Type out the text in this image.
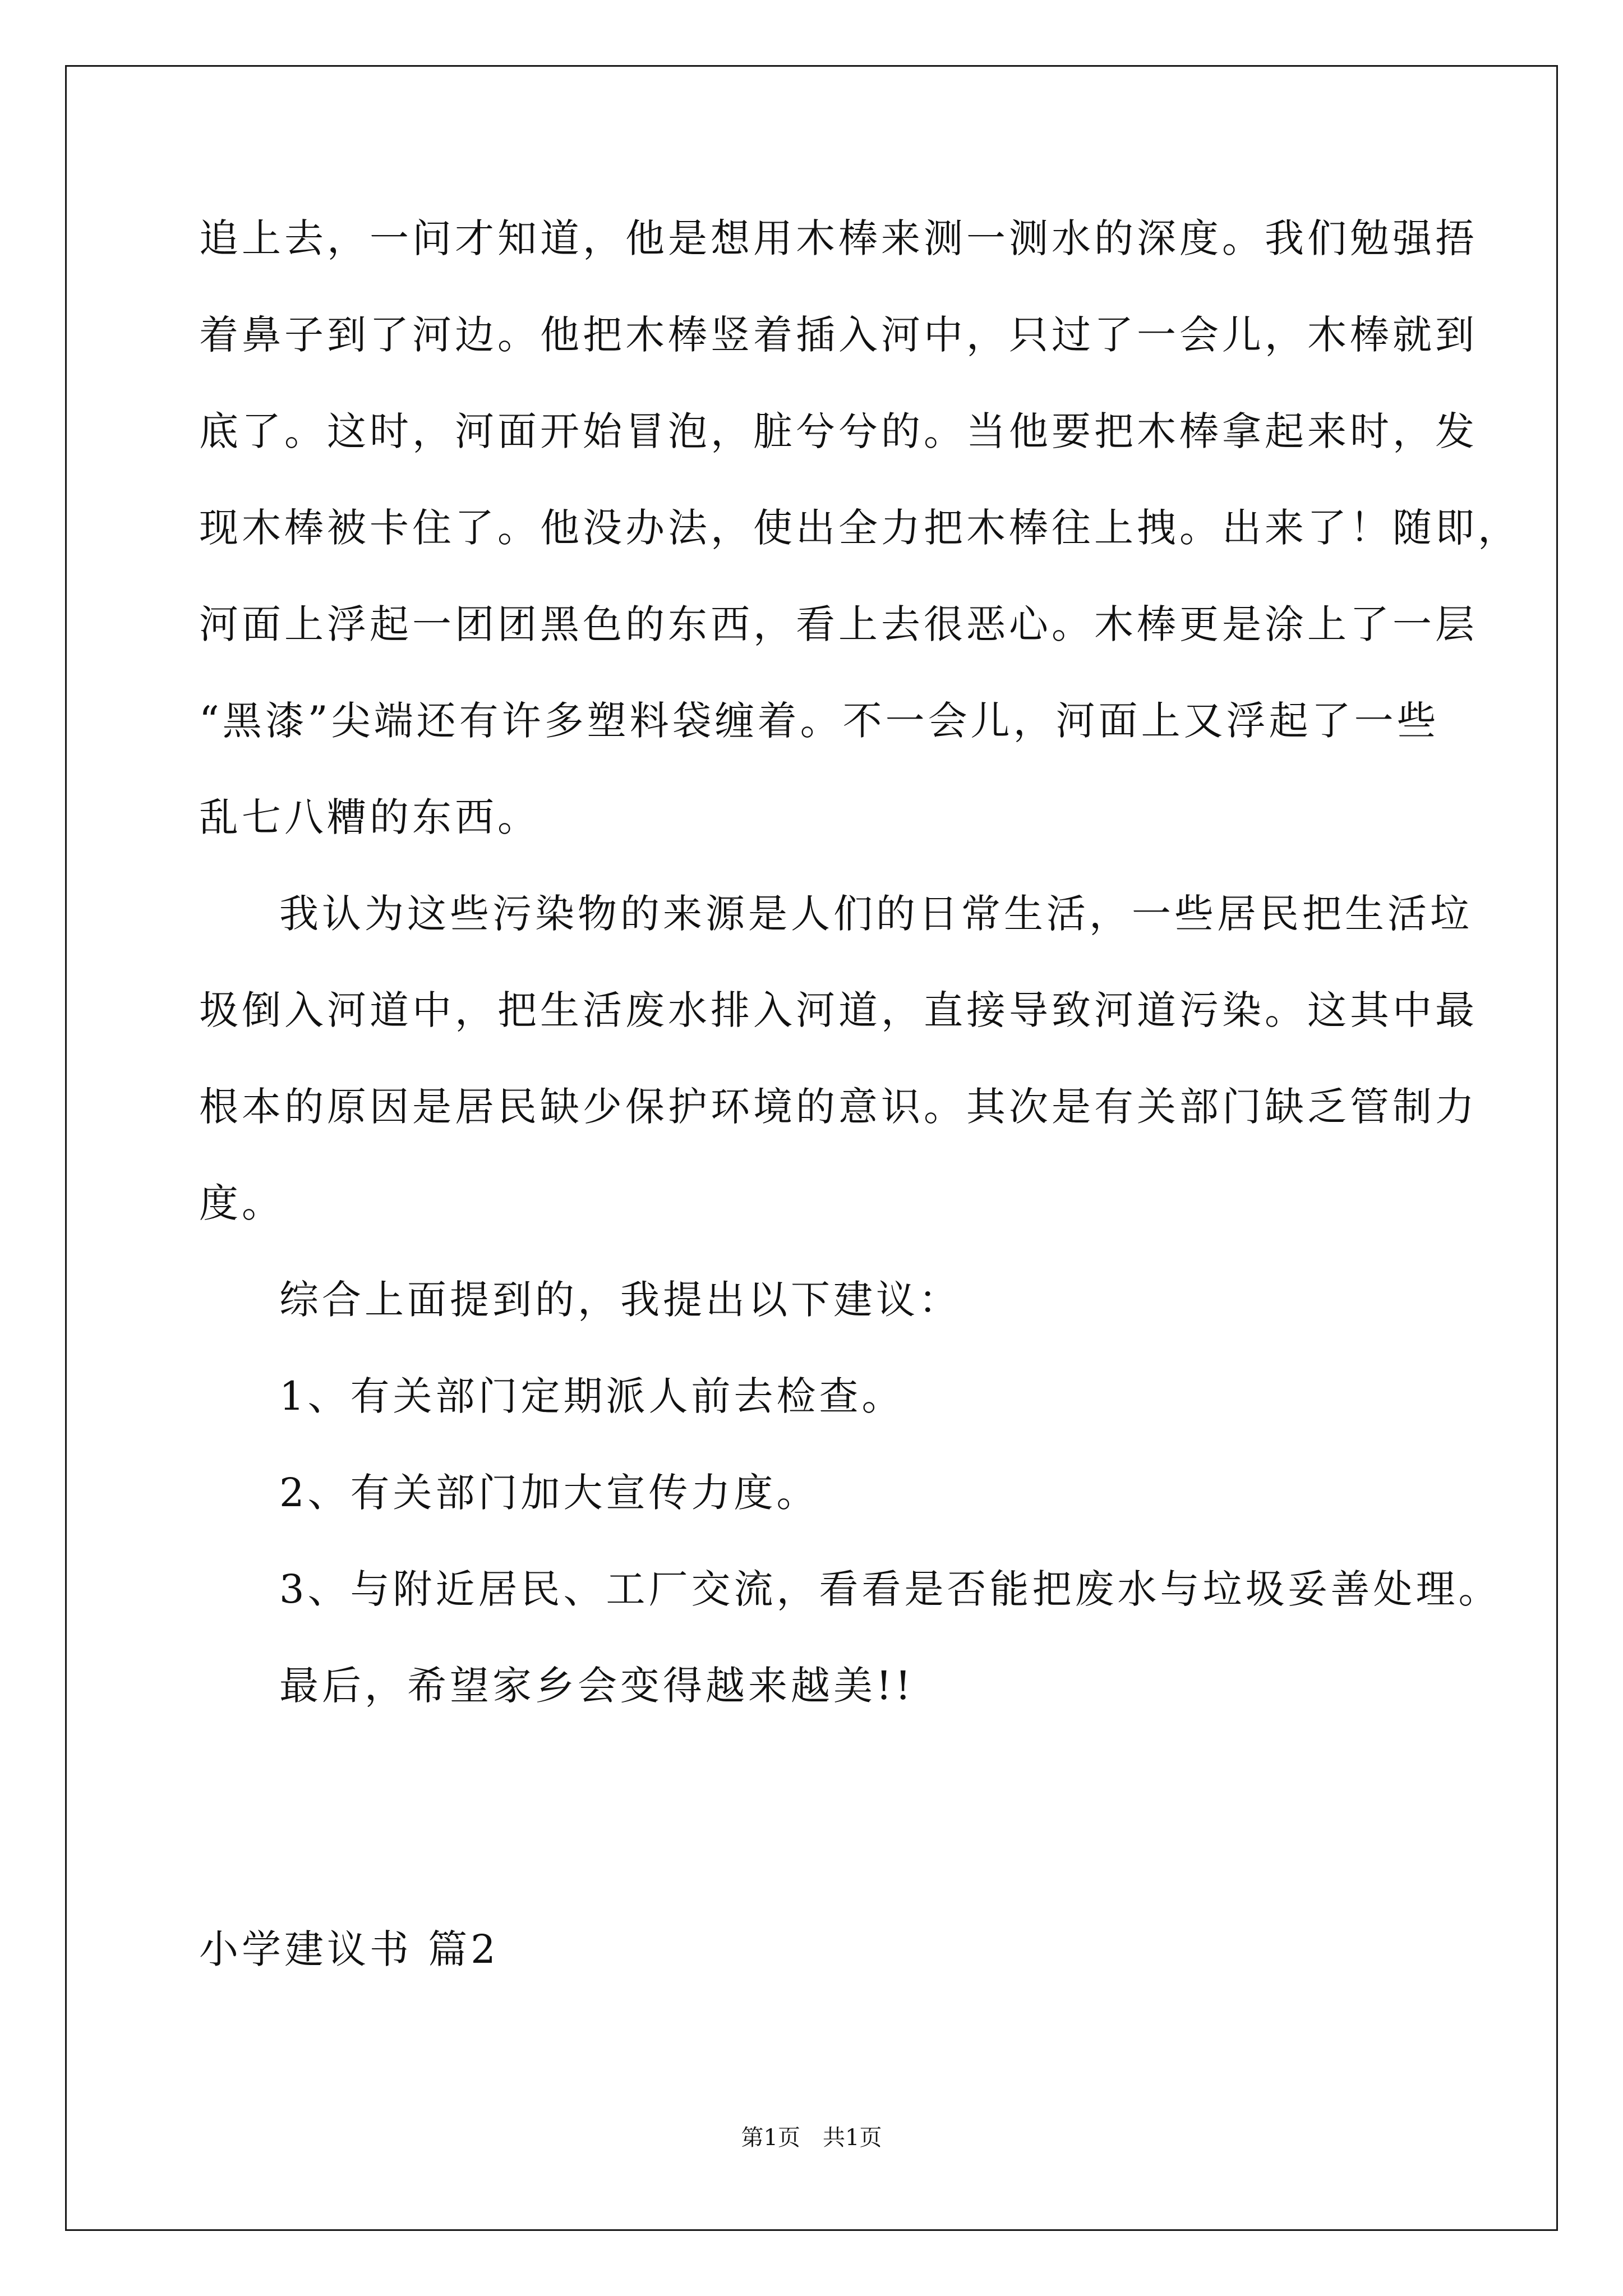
追上去，一问才知道，他是想用木棒来测一测水的深度。我们勉强捂

着鼻子到了河边。他把木棒竖着插入河中，只过了一会儿，木棒就到

底了。这时，河面开始冒泡，脏兮兮的。当他要把木棒拿起来时，发

现木棒被卡住了。他没办法，使出全力把木棒往上拽。出来了！随即，

河面上浮起一团团黑色的东西，看上去很恶心。木棒更是涂上了一层

“黑漆”尖端还有许多塑料袋缠着。不一会儿，河面上又浮起了一些

乱七八糟的东西。

我认为这些污染物的来源是人们的日常生活，一些居民把生活垃

圾倒入河道中，把生活废水排入河道，直接导致河道污染。这其中最

根本的原因是居民缺少保护环境的意识。其次是有关部门缺乏管制力

度。

综合上面提到的，我提出以下建议：

1、有关部门定期派人前去检查。

2、有关部门加大宣传力度。

3、与附近居民、工厂交流，看看是否能把废水与垃圾妥善处理。

最后，希望家乡会变得越来越美!!

小学建议书 篇2
第1页　共1页
